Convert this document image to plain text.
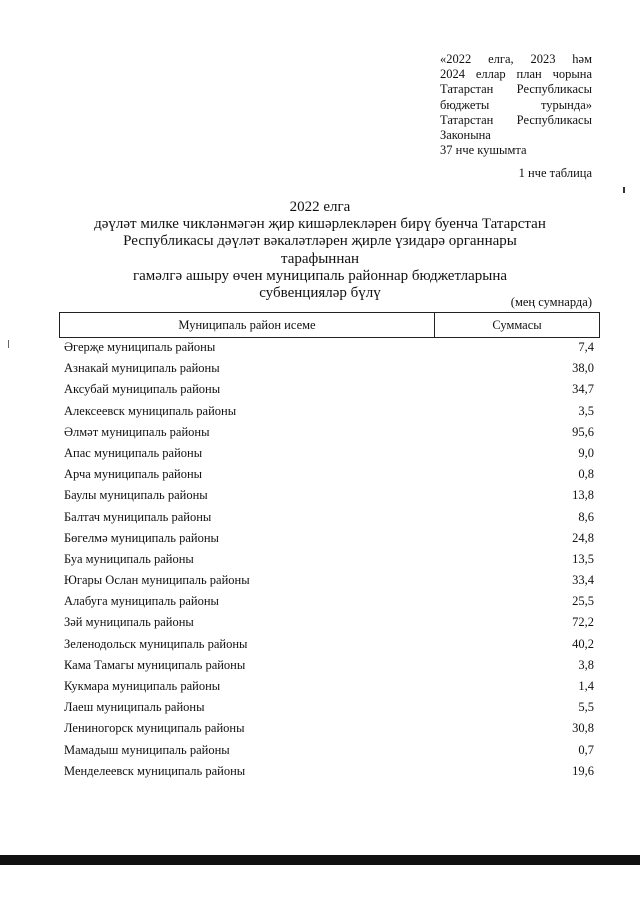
«2022 елга, 2023 һәм
2024 еллар план чорына
Татарстан Республикасы
бюджеты турында»
Татарстан Республикасы
Законына
37 нче кушымта
1 нче таблица
2022 елга
дәүләт милке чикләнмәгән җир кишәрлекләрен бирү буенча Татарстан
Республикасы дәүләт вәкаләтләрен җирле үзидарә органнары тарафыннан
гамәлгә ашыру өчен муниципаль районнар бюджетларына
субвенцияләр бүлү
(мең сумнарда)
Муниципаль район исеме	Суммасы
Әгерҗе муниципаль районы	7,4
Азнакай муниципаль районы	38,0
Аксубай муниципаль районы	34,7
Алексеевск муниципаль районы	3,5
Әлмәт муниципаль районы	95,6
Апас муниципаль районы	9,0
Арча муниципаль районы	0,8
Баулы муниципаль районы	13,8
Балтач муниципаль районы	8,6
Бөгелмә муниципаль районы	24,8
Буа муниципаль районы	13,5
Югары Ослан муниципаль районы	33,4
Алабуга муниципаль районы	25,5
Зәй муниципаль районы	72,2
Зеленодольск муниципаль районы	40,2
Кама Тамагы муниципаль районы	3,8
Кукмара муниципаль районы	1,4
Лаеш муниципаль районы	5,5
Лениногорск муниципаль районы	30,8
Мамадыш муниципаль районы	0,7
Менделеевск муниципаль районы	19,6
